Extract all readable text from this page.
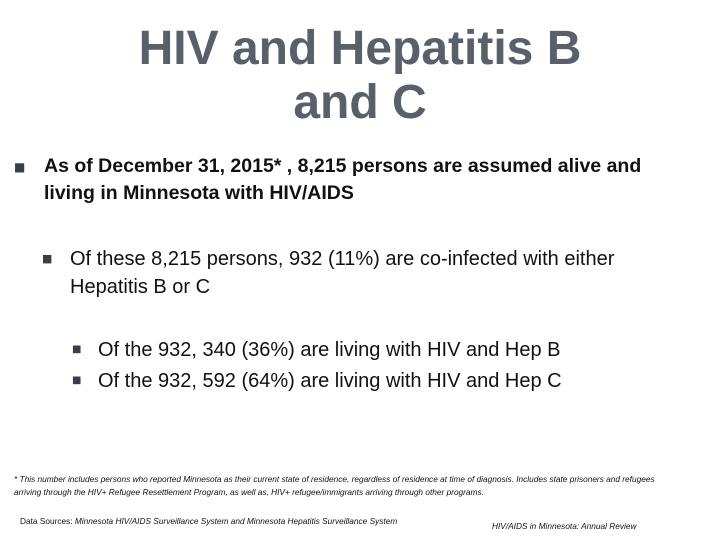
HIV and Hepatitis B
and C
■ As of December 31, 2015* , 8,215 persons are assumed alive and living in Minnesota with HIV/AIDS
■ Of these 8,215 persons, 932 (11%) are co-infected with either Hepatitis B or C
■ Of the 932, 340 (36%) are living with HIV and Hep B
■ Of the 932, 592 (64%) are living with HIV and Hep C
* This number includes persons who reported Minnesota as their current state of residence, regardless of residence at time of diagnosis. Includes state prisoners and refugees arriving through the HIV+ Refugee Resettlement Program, as well as, HIV+ refugee/immigrants arriving through other programs.
Data Sources: Minnesota HIV/AIDS Surveillance System and Minnesota Hepatitis Surveillance System	HIV/AIDS in Minnesota: Annual Review
